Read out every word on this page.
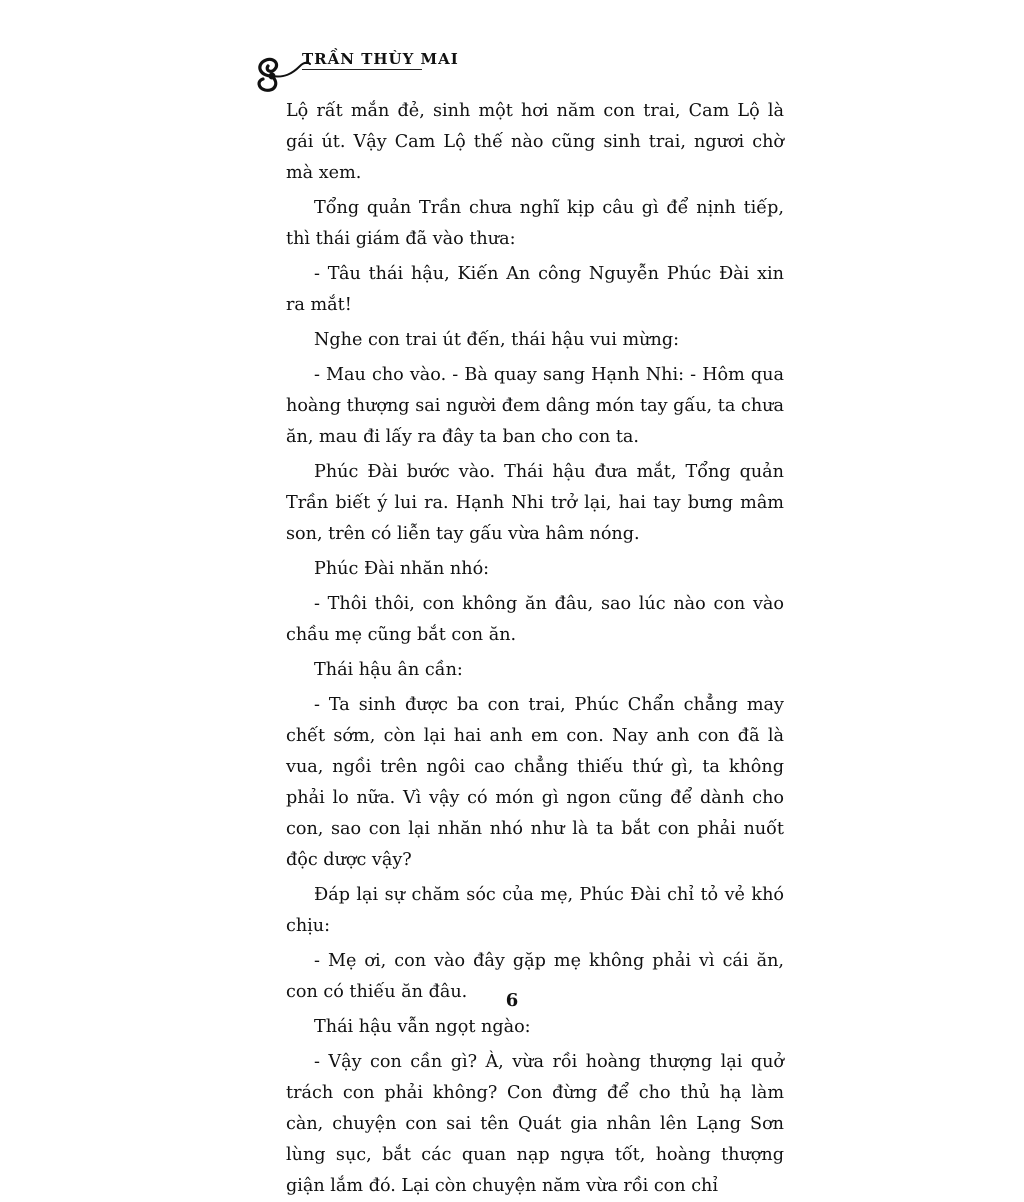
TRẦN THÙY MAI

Lộ rất mắn đẻ, sinh một hơi năm con trai, Cam Lộ là gái út. Vậy Cam Lộ thế nào cũng sinh trai, ngươi chờ mà xem.

Tổng quản Trần chưa nghĩ kịp câu gì để nịnh tiếp, thì thái giám đã vào thưa:

- Tâu thái hậu, Kiến An công Nguyễn Phúc Đài xin ra mắt!

Nghe con trai út đến, thái hậu vui mừng:

- Mau cho vào. - Bà quay sang Hạnh Nhi: - Hôm qua hoàng thượng sai người đem dâng món tay gấu, ta chưa ăn, mau đi lấy ra đây ta ban cho con ta.

Phúc Đài bước vào. Thái hậu đưa mắt, Tổng quản Trần biết ý lui ra. Hạnh Nhi trở lại, hai tay bưng mâm son, trên có liễn tay gấu vừa hâm nóng.

Phúc Đài nhăn nhó:

- Thôi thôi, con không ăn đâu, sao lúc nào con vào chầu mẹ cũng bắt con ăn.

Thái hậu ân cần:

- Ta sinh được ba con trai, Phúc Chẩn chẳng may chết sớm, còn lại hai anh em con. Nay anh con đã là vua, ngồi trên ngôi cao chẳng thiếu thứ gì, ta không phải lo nữa. Vì vậy có món gì ngon cũng để dành cho con, sao con lại nhăn nhó như là ta bắt con phải nuốt độc dược vậy?

Đáp lại sự chăm sóc của mẹ, Phúc Đài chỉ tỏ vẻ khó chịu:

- Mẹ ơi, con vào đây gặp mẹ không phải vì cái ăn, con có thiếu ăn đâu.

Thái hậu vẫn ngọt ngào:

- Vậy con cần gì? À, vừa rồi hoàng thượng lại quở trách con phải không? Con đừng để cho thủ hạ làm càn, chuyện con sai tên Quát gia nhân lên Lạng Sơn lùng sục, bắt các quan nạp ngựa tốt, hoàng thượng giận lắm đó. Lại còn chuyện năm vừa rồi con chỉ

6
